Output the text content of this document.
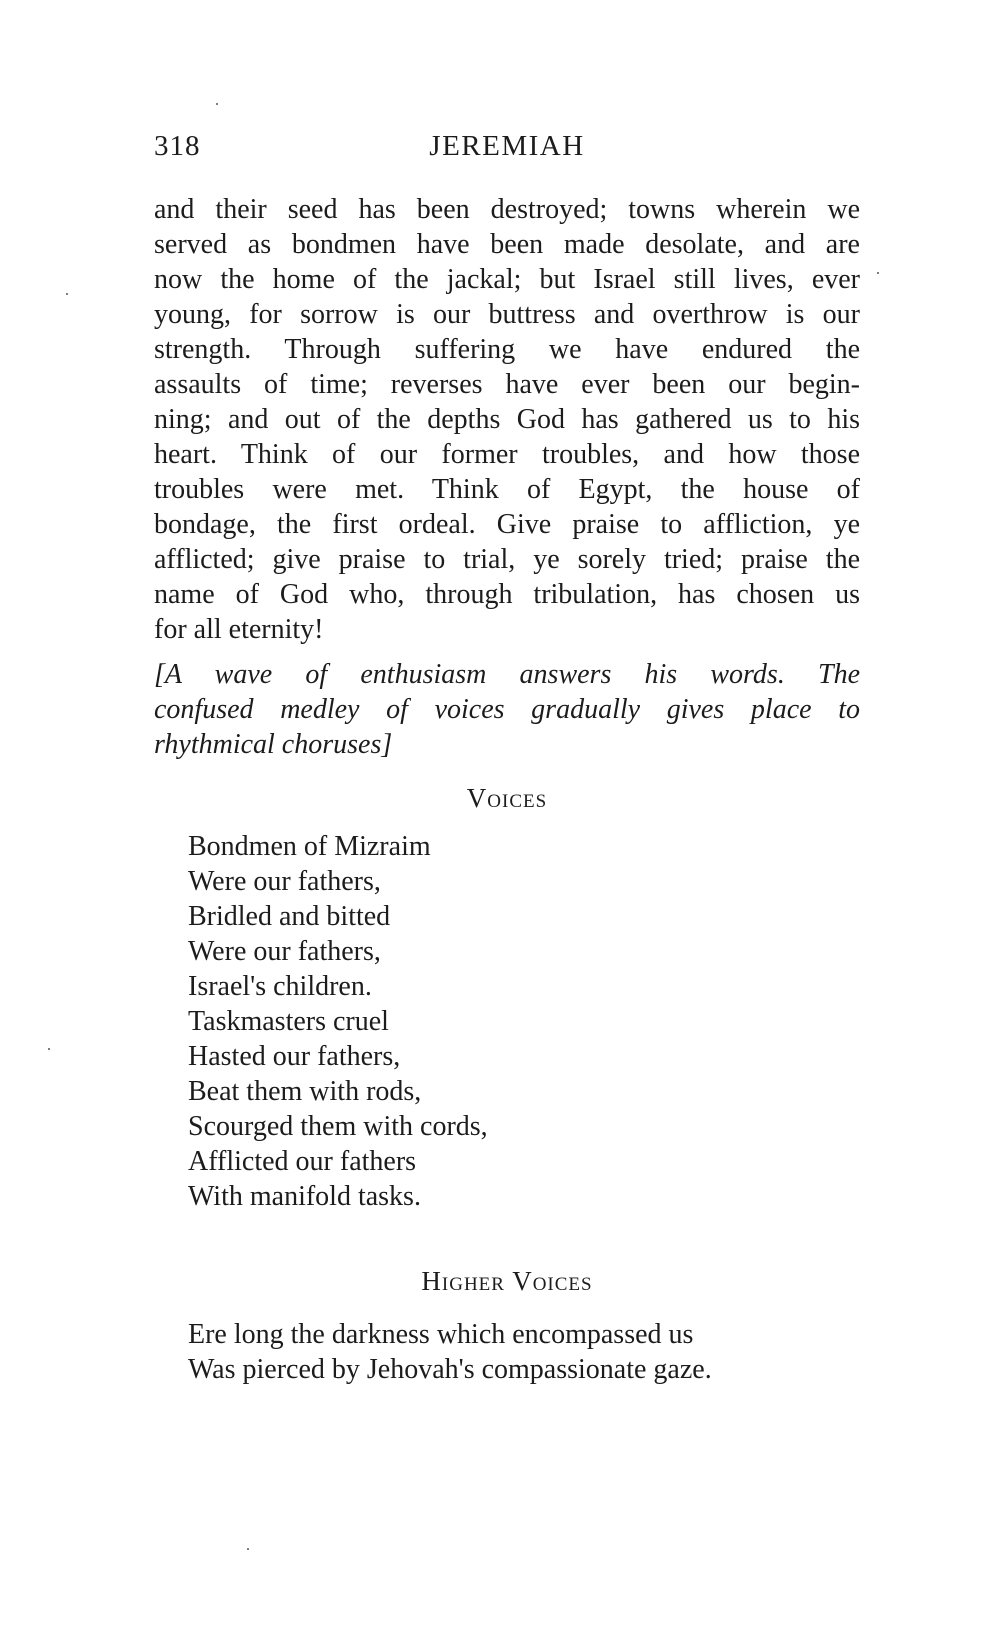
318	JEREMIAH
and their seed has been destroyed; towns wherein we
served as bondmen have been made desolate, and are
now the home of the jackal; but Israel still lives, ever
young, for sorrow is our buttress and overthrow is our
strength. Through suffering we have endured the
assaults of time; reverses have ever been our begin-
ning; and out of the depths God has gathered us to his
heart. Think of our former troubles, and how those
troubles were met. Think of Egypt, the house of
bondage, the first ordeal. Give praise to affliction, ye
afflicted; give praise to trial, ye sorely tried; praise the
name of God who, through tribulation, has chosen us
for all eternity!
[A wave of enthusiasm answers his words. The
confused medley of voices gradually gives place to
rhythmical choruses]
Voices
Bondmen of Mizraim
Were our fathers,
Bridled and bitted
Were our fathers,
Israel's children.
Taskmasters cruel
Hasted our fathers,
Beat them with rods,
Scourged them with cords,
Afflicted our fathers
With manifold tasks.
Higher Voices
Ere long the darkness which encompassed us
Was pierced by Jehovah's compassionate gaze.
